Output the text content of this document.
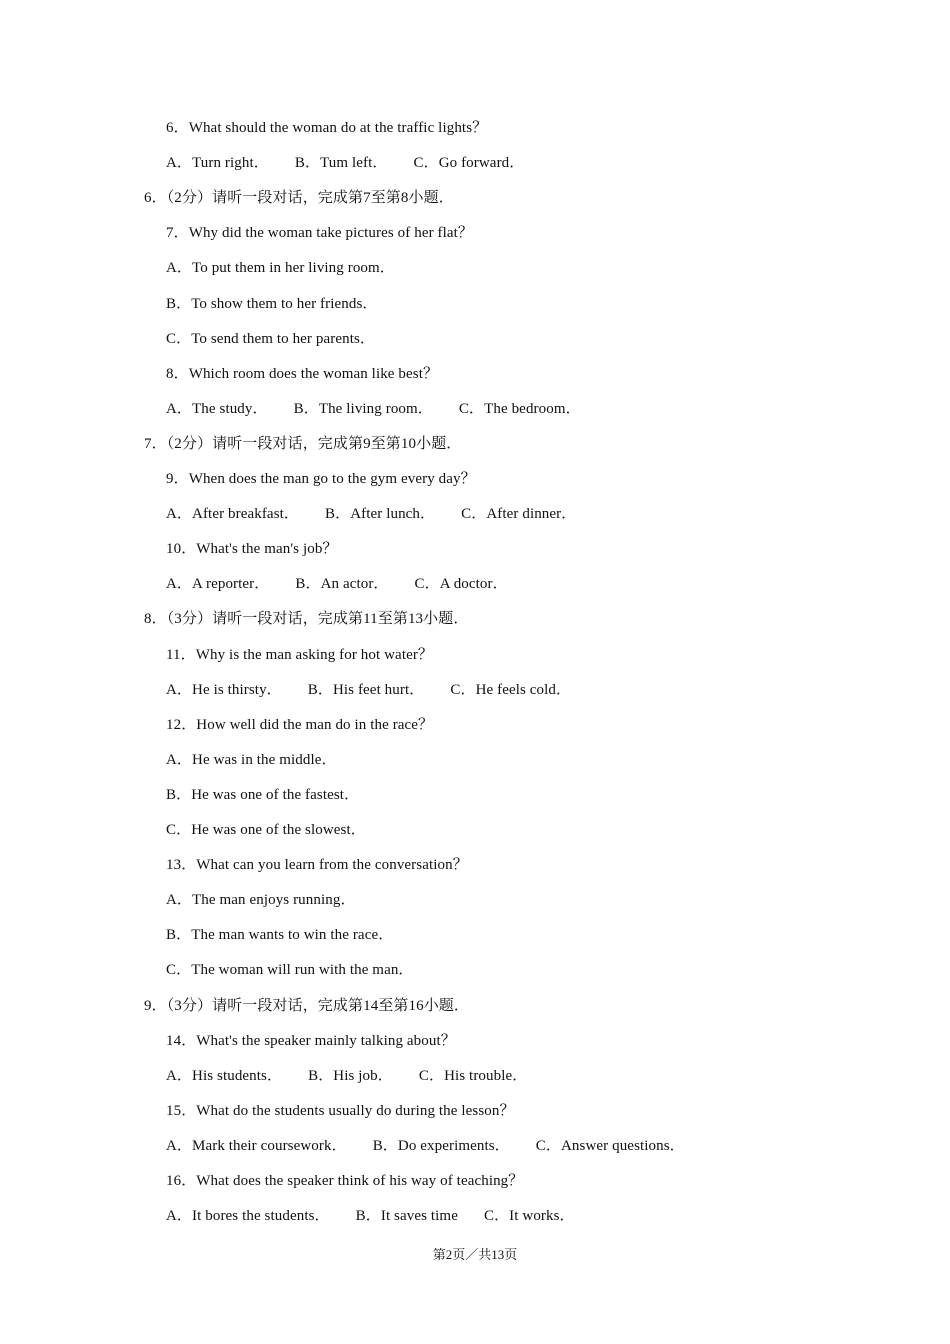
6．What should the woman do at the traffic lights？
A．Turn right． B．Tum left． C．Go forward．
6．（2分）请听一段对话，完成第7至第8小题．
7．Why did the woman take pictures of her flat？
A．To put them in her living room．
B．To show them to her friends．
C．To send them to her parents．
8．Which room does the woman like best？
A．The study． B．The living room． C．The bedroom．
7．（2分）请听一段对话，完成第9至第10小题．
9．When does the man go to the gym every day？
A．After breakfast． B．After lunch． C．After dinner．
10．What's the man's job？
A．A reporter． B．An actor． C．A doctor．
8．（3分）请听一段对话，完成第11至第13小题．
11．Why is the man asking for hot water？
A．He is thirsty． B．His feet hurt． C．He feels cold．
12．How well did the man do in the race？
A．He was in the middle．
B．He was one of the fastest．
C．He was one of the slowest．
13．What can you learn from the conversation？
A．The man enjoys running．
B．The man wants to win the race．
C．The woman will run with the man．
9．（3分）请听一段对话，完成第14至第16小题．
14．What's the speaker mainly talking about？
A．His students． B．His job． C．His trouble．
15．What do the students usually do during the lesson？
A．Mark their coursework． B．Do experiments． C．Answer questions．
16．What does the speaker think of his way of teaching？
A．It bores the students． B．It saves time C．It works．
第2页／共13页
